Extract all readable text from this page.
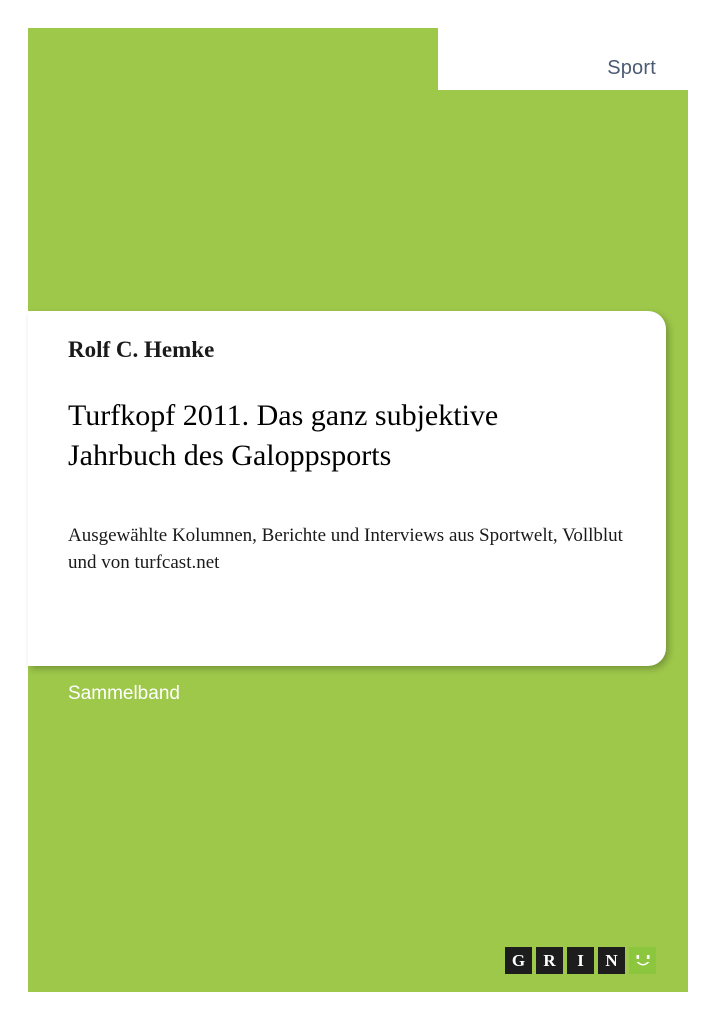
Sport
Rolf C. Hemke
Turfkopf 2011. Das ganz subjektive Jahrbuch des Galoppsports
Ausgewählte Kolumnen, Berichte und Interviews aus Sportwelt, Vollblut und von turfcast.net
Sammelband
G	R	I	N
